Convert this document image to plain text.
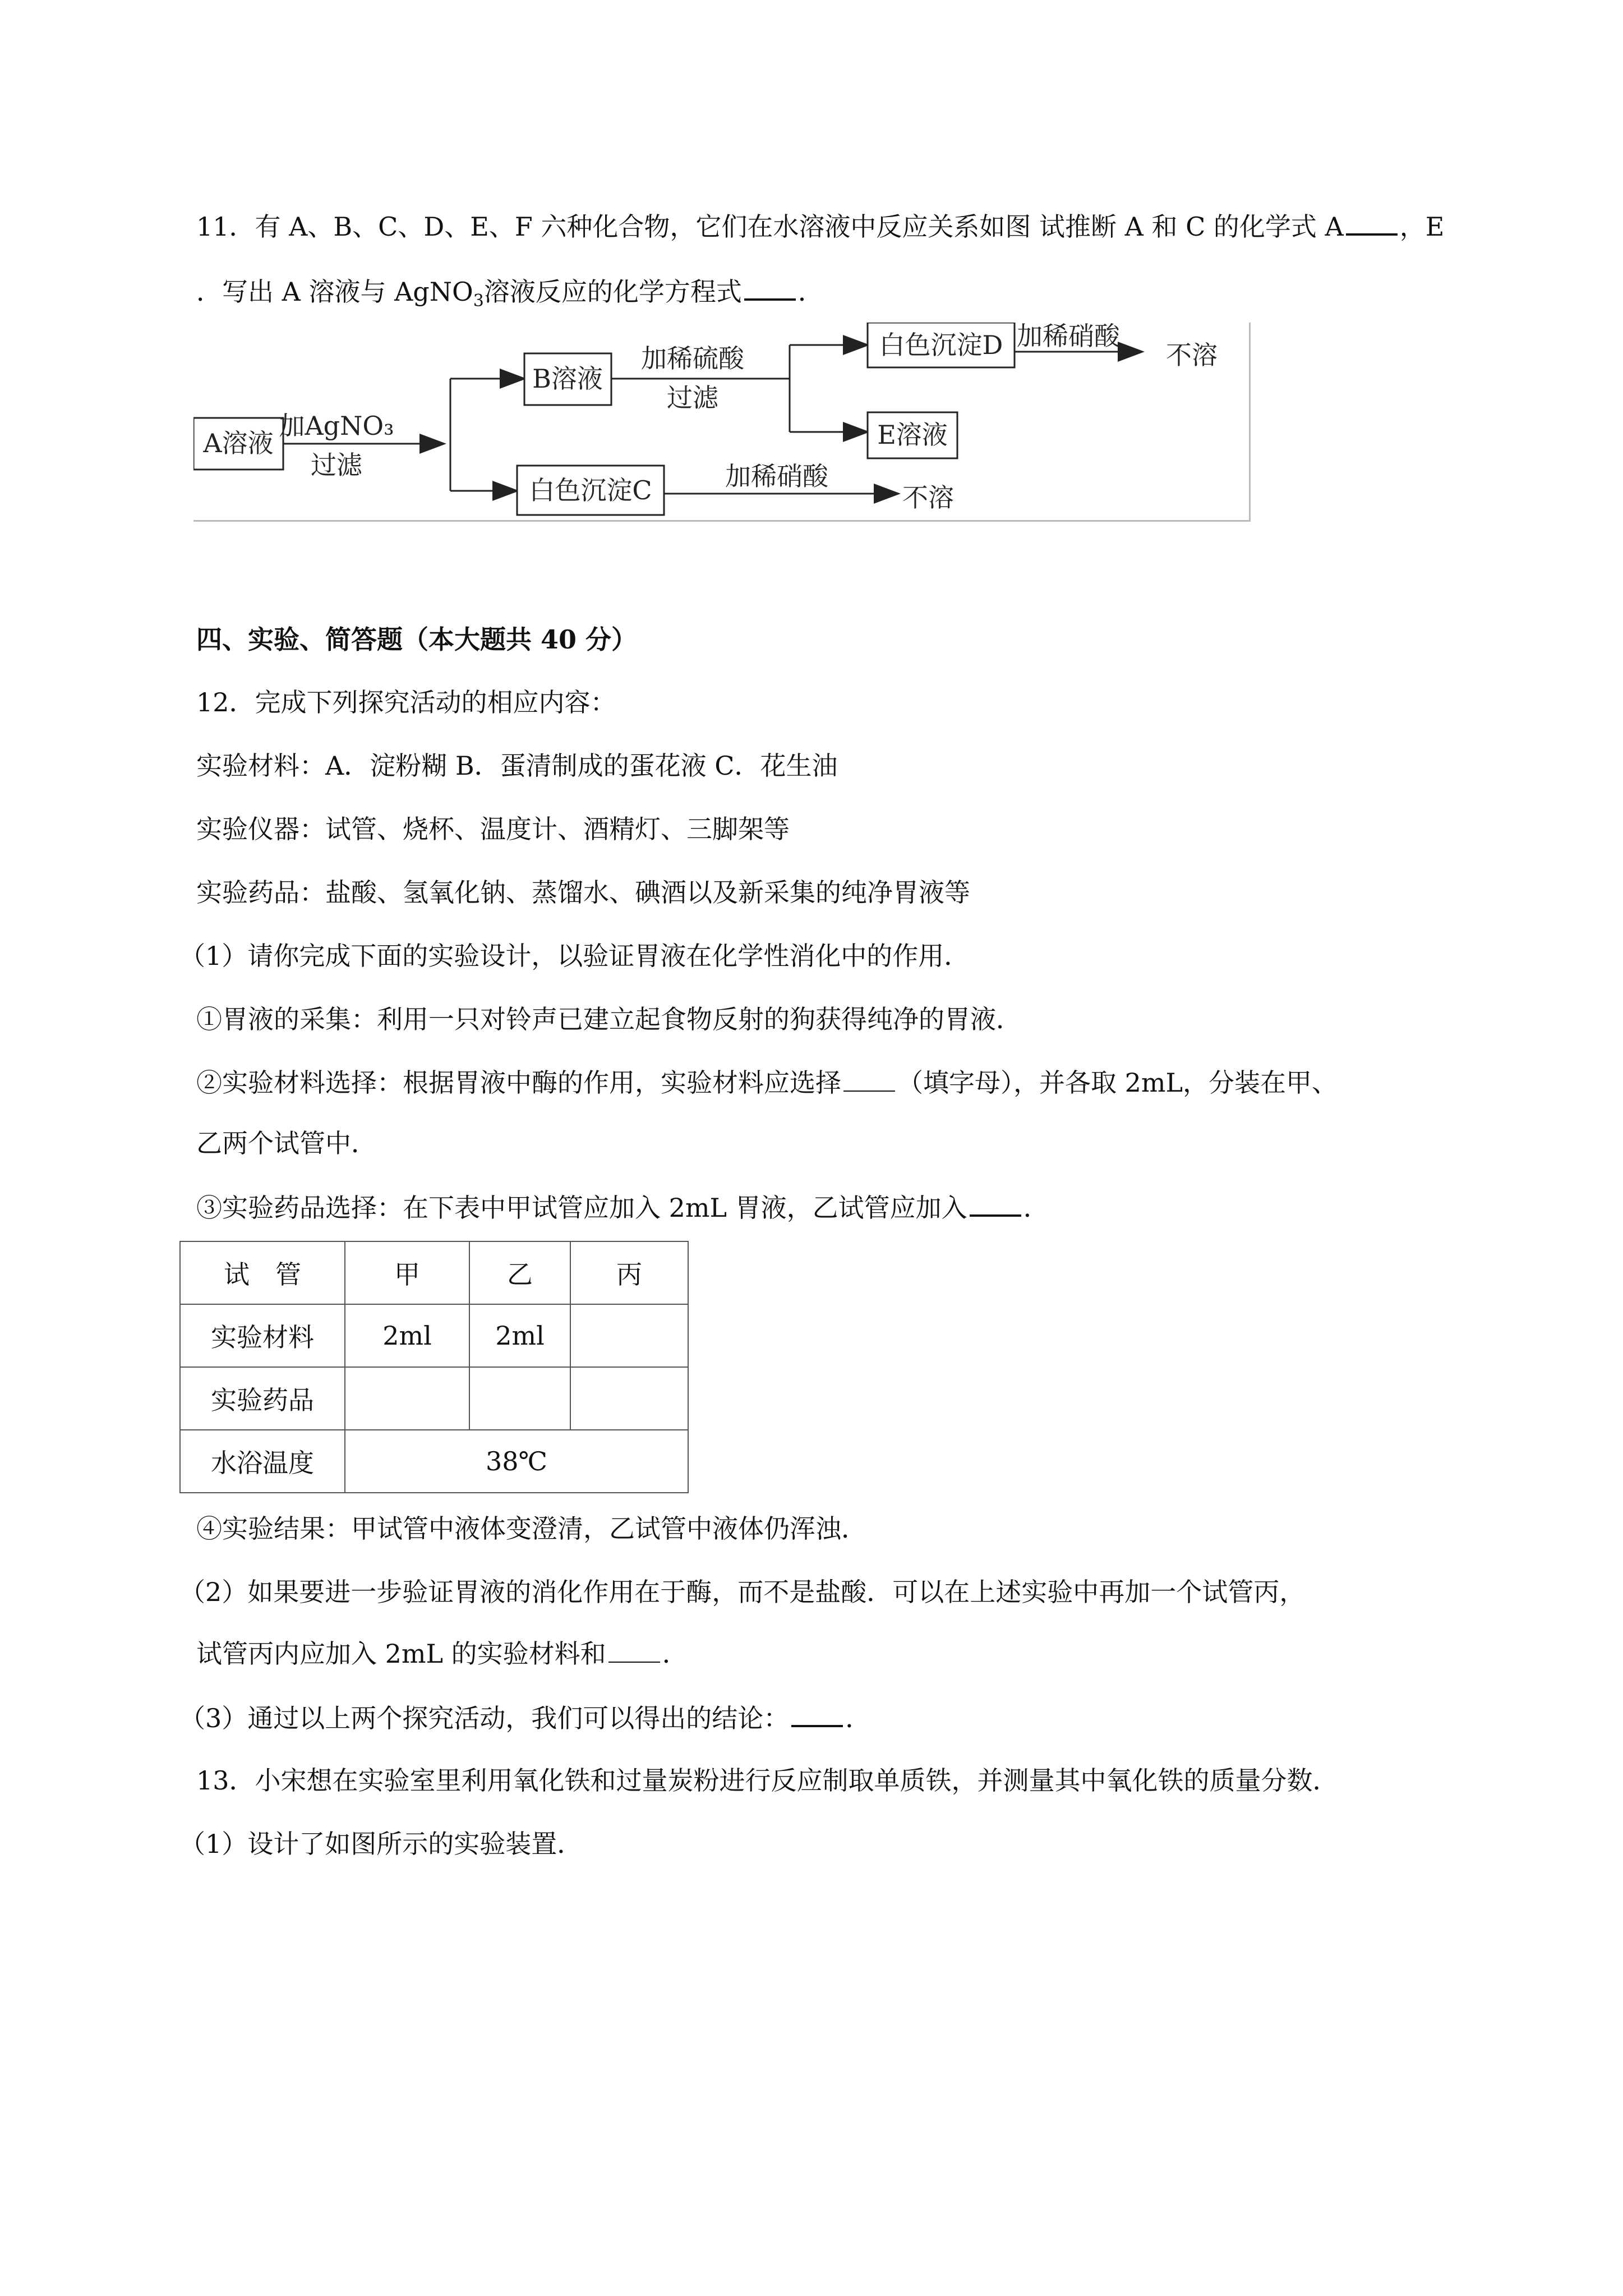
11．有 A、B、C、D、E、F 六种化合物，它们在水溶液中反应关系如图 试推断 A 和 C 的化学式 A ，E
．写出 A 溶液与 AgNO$_3$溶液反应的化学方程式 ．
A溶液
加AgNO₃
过滤
B溶液
加稀硫酸
过滤
白色沉淀D 加稀硝酸
不溶
E溶液
白色沉淀C	加稀硝酸
不溶
四、实验、简答题（本大题共 40 分）
12．完成下列探究活动的相应内容：
实验材料：A．淀粉糊 B．蛋清制成的蛋花液 C．花生油
实验仪器：试管、烧杯、温度计、酒精灯、三脚架等
实验药品：盐酸、氢氧化钠、蒸馏水、碘酒以及新采集的纯净胃液等
（1）请你完成下面的实验设计，以验证胃液在化学性消化中的作用．
①胃液的采集：利用一只对铃声已建立起食物反射的狗获得纯净的胃液．
②实验材料选择：根据胃液中酶的作用，实验材料应选择 （填字母），并各取 2mL，分装在甲、
乙两个试管中．
③实验药品选择：在下表中甲试管应加入 2mL 胃液，乙试管应加入 ．
试　管	甲	乙	丙
实验材料	2ml	2ml	
实验药品			
水浴温度	38℃		
④实验结果：甲试管中液体变澄清，乙试管中液体仍浑浊．
（2）如果要进一步验证胃液的消化作用在于酶，而不是盐酸．可以在上述实验中再加一个试管丙，
试管丙内应加入 2mL 的实验材料和 ．
（3）通过以上两个探究活动，我们可以得出的结论： ．
13．小宋想在实验室里利用氧化铁和过量炭粉进行反应制取单质铁，并测量其中氧化铁的质量分数．
（1）设计了如图所示的实验装置．
